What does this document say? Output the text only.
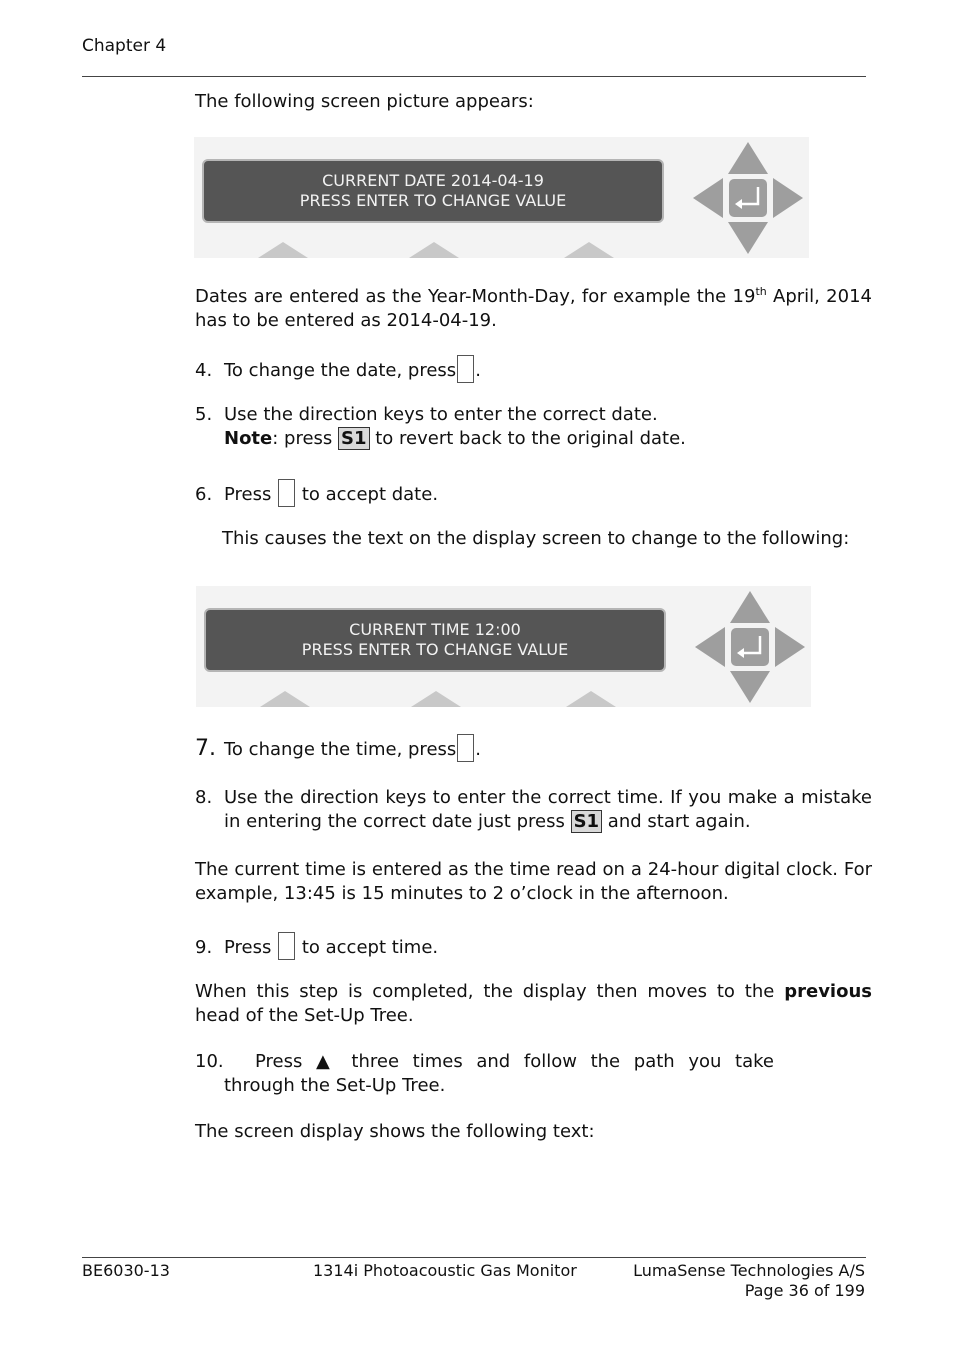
Chapter 4
The following screen picture appears:
CURRENT DATE 2014-04-19
PRESS ENTER TO CHANGE VALUE
Dates are entered as the Year-Month-Day, for example the 19th April, 2014 has to be entered as 2014-04-19.
4. To change the date, press .
5. Use the direction keys to enter the correct date.
Note: press S1 to revert back to the original date.
6. Press  to accept date.
This causes the text on the display screen to change to the following:
CURRENT TIME 12:00
PRESS ENTER TO CHANGE VALUE
7. To change the time, press .
8. Use the direction keys to enter the correct time. If you make a mistake in entering the correct date just press S1 and start again.
The current time is entered as the time read on a 24-hour digital clock. For example, 13:45 is 15 minutes to 2 o’clock in the afternoon.
9. Press  to accept time.
When this step is completed, the display then moves to the previous head of the Set-Up Tree.
10.	Press ▲ three times and follow the path you take
through the Set-Up Tree.
The screen display shows the following text:
BE6030-13	1314i Photoacoustic Gas Monitor	LumaSense Technologies A/S
Page 36 of 199
